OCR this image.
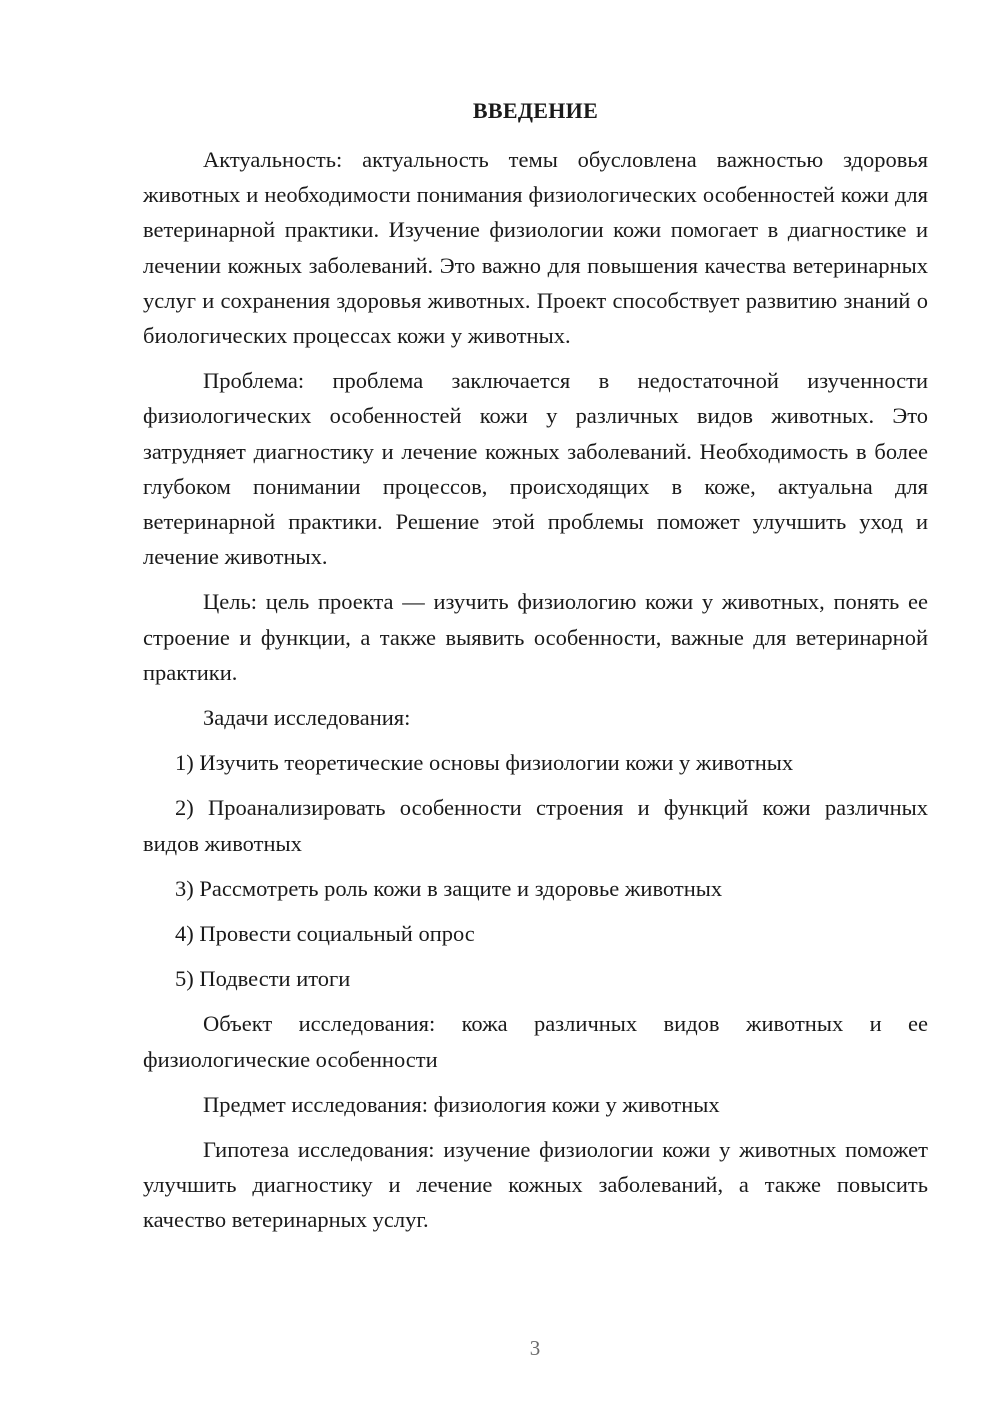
ВВЕДЕНИЕ

Актуальность: актуальность темы обусловлена важностью здоровья животных и необходимости понимания физиологических особенностей кожи для ветеринарной практики. Изучение физиологии кожи помогает в диагностике и лечении кожных заболеваний. Это важно для повышения качества ветеринарных услуг и сохранения здоровья животных. Проект способствует развитию знаний о биологических процессах кожи у животных.

Проблема: проблема заключается в недостаточной изученности физиологических особенностей кожи у различных видов животных. Это затрудняет диагностику и лечение кожных заболеваний. Необходимость в более глубоком понимании процессов, происходящих в коже, актуальна для ветеринарной практики. Решение этой проблемы поможет улучшить уход и лечение животных.

Цель: цель проекта — изучить физиологию кожи у животных, понять ее строение и функции, а также выявить особенности, важные для ветеринарной практики.

Задачи исследования:

1) Изучить теоретические основы физиологии кожи у животных

2) Проанализировать особенности строения и функций кожи различных видов животных

3) Рассмотреть роль кожи в защите и здоровье животных

4) Провести социальный опрос

5) Подвести итоги

Объект исследования: кожа различных видов животных и ее физиологические особенности

Предмет исследования: физиология кожи у животных

Гипотеза исследования: изучение физиологии кожи у животных поможет улучшить диагностику и лечение кожных заболеваний, а также повысить качество ветеринарных услуг.

3
